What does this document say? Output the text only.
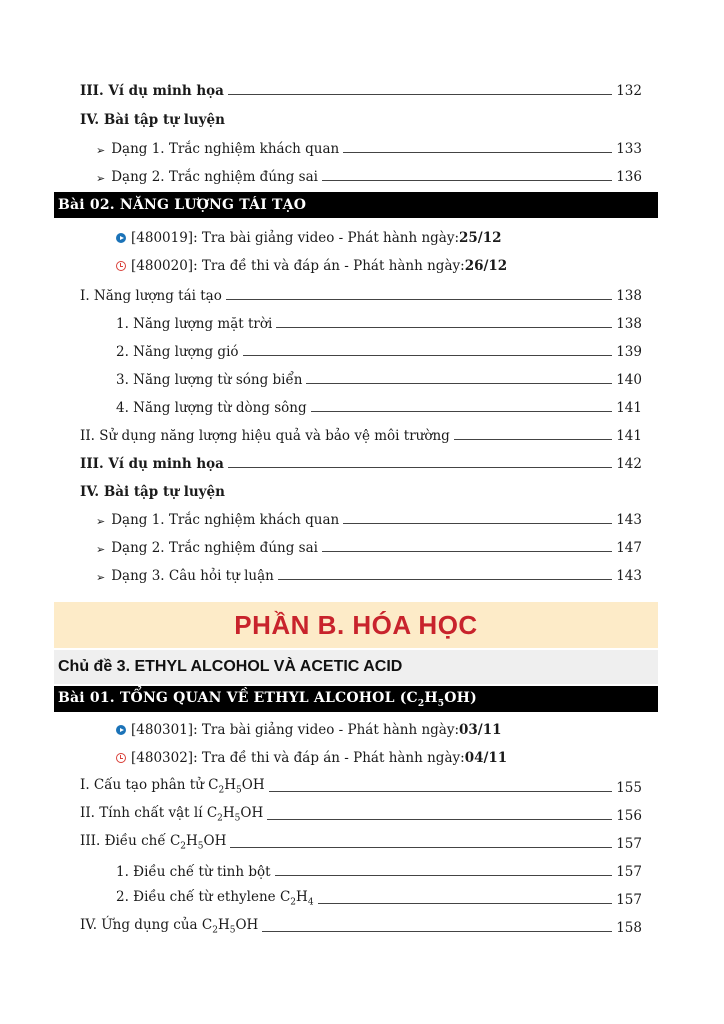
III. Ví dụ minh họa	132
IV. Bài tập tự luyện
➢ Dạng 1. Trắc nghiệm khách quan	133
➢ Dạng 2. Trắc nghiệm đúng sai	136
Bài 02. NĂNG LƯỢNG TÁI TẠO
[480019]: Tra bài giảng video - Phát hành ngày: 25/12
[480020]: Tra đề thi và đáp án - Phát hành ngày: 26/12
I. Năng lượng tái tạo	138
1. Năng lượng mặt trời	138
2. Năng lượng gió	139
3. Năng lượng từ sóng biển	140
4. Năng lượng từ dòng sông	141
II. Sử dụng năng lượng hiệu quả và bảo vệ môi trường	141
III. Ví dụ minh họa	142
IV. Bài tập tự luyện
➢ Dạng 1. Trắc nghiệm khách quan	143
➢ Dạng 2. Trắc nghiệm đúng sai	147
➢ Dạng 3. Câu hỏi tự luận	143
PHẦN B. HÓA HỌC
Chủ đề 3. ETHYL ALCOHOL VÀ ACETIC ACID
Bài 01. TỔNG QUAN VỀ ETHYL ALCOHOL $(C_2H_5OH)$
[480301]: Tra bài giảng video - Phát hành ngày: 03/11
[480302]: Tra đề thi và đáp án - Phát hành ngày: 04/11
I. Cấu tạo phân tử $C_2H_5OH$	155
II. Tính chất vật lí $C_2H_5OH$	156
III. Điều chế $C_2H_5OH$	157
1. Điều chế từ tinh bột	157
2. Điều chế từ ethylene $C_2H_4$	157
IV. Ứng dụng của $C_2H_5OH$	158
